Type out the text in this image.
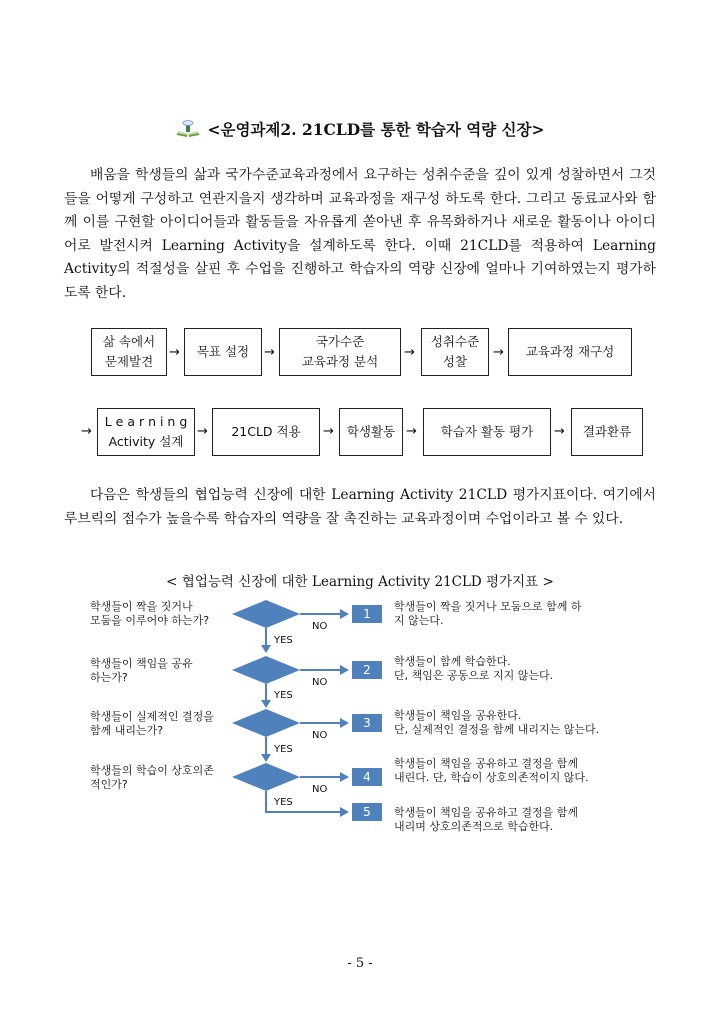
<운영과제2. 21CLD를 통한 학습자 역량 신장>
배움을 학생들의 삶과 국가수준교육과정에서 요구하는 성취수준을 깊이 있게 성찰하면서 그것들을 어떻게 구성하고 연관지을지 생각하며 교육과정을 재구성 하도록 한다. 그리고 동료교사와 함께 이를 구현할 아이디어들과 활동들을 자유롭게 쏟아낸 후 유목화하거나 새로운 활동이나 아이디어로 발전시켜 Learning Activity을 설계하도록 한다. 이때 21CLD를 적용하여 Learning Activity의 적절성을 살핀 후 수업을 진행하고 학습자의 역량 신장에 얼마나 기여하였는지 평가하도록 한다.
삶 속에서
문제발견
→ 목표 설정 →
국가수준
교육과정 분석
→
성취수준
성찰
→ 교육과정 재구성
→
L e a r n i n g
Activity 설계
→ 21CLD 적용 → 학생활동 → 학습자 활동 평가 → 결과환류
다음은 학생들의 협업능력 신장에 대한 Learning Activity 21CLD 평가지표이다. 여기에서 루브릭의 점수가 높을수록 학습자의 역량을 잘 촉진하는 교육과정이며 수업이라고 볼 수 있다.
< 협업능력 신장에 대한 Learning Activity 21CLD 평가지표 >
학생들이 짝을 짓거나
모둠을 이루어야 하는가?
학생들이 책임을 공유
하는가?
학생들이 실제적인 결정을
함께 내리는가?
학생들의 학습이 상호의존
적인가?
YES
YES
YES
YES
NO
NO
NO
NO
1
2
3
4
5
학생들이 짝을 짓거나 모둠으로 함께 하
지 않는다.
학생들이 함께 학습한다.
단, 책임은 공동으로 지지 않는다.
학생들이 책임을 공유한다.
단, 실제적인 결정을 함께 내리지는 않는다.
학생들이 책임을 공유하고 결정을 함께
내린다. 단, 학습이 상호의존적이지 않다.
학생들이 책임을 공유하고 결정을 함께
내리며 상호의존적으로 학습한다.
- 5 -
